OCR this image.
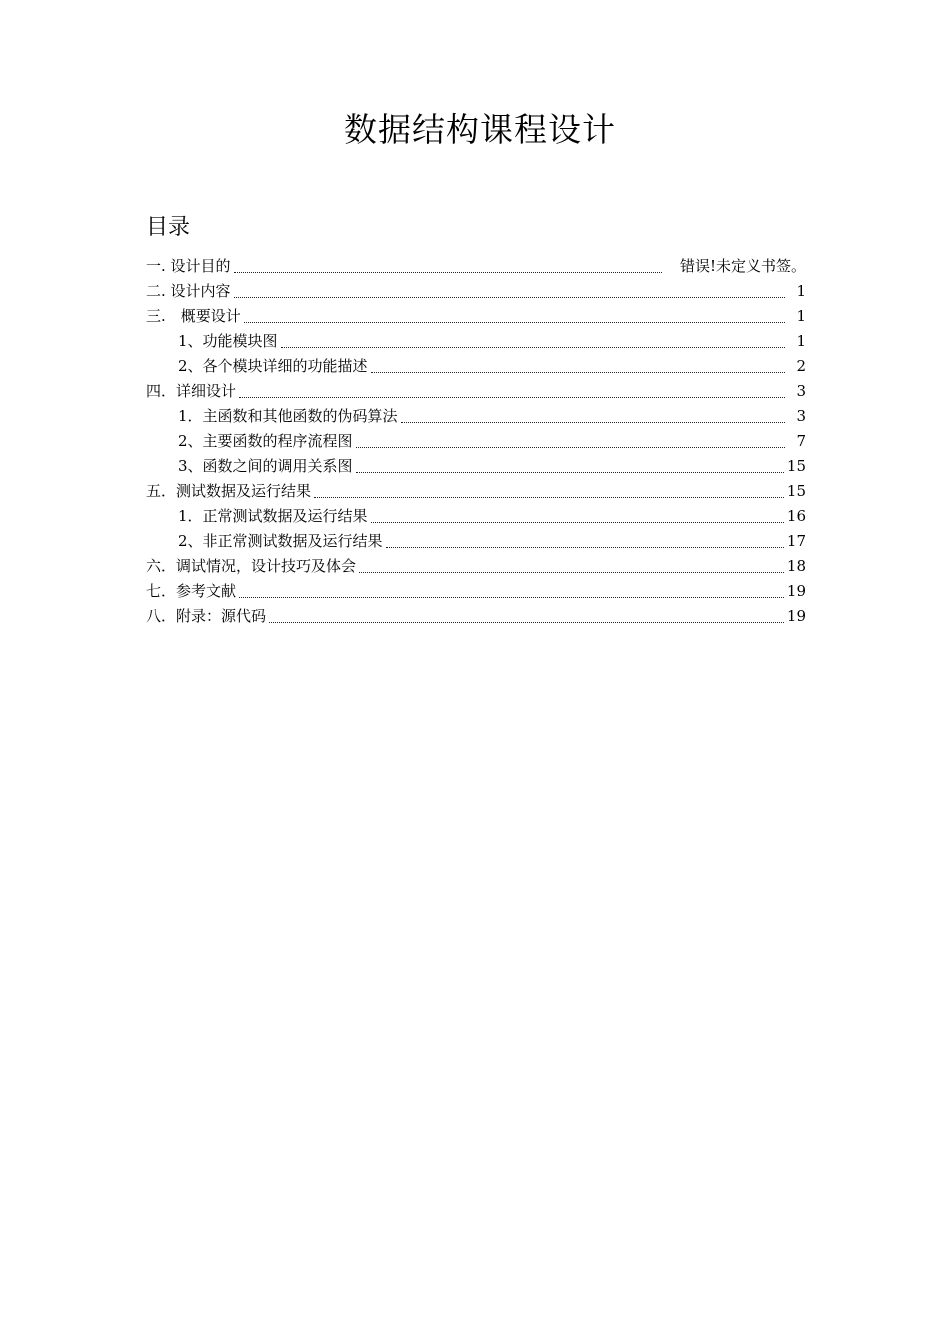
数据结构课程设计
目录
一. 设计目的	错误!未定义书签。
二. 设计内容	1
三.　概要设计	1
1、功能模块图	1
2、各个模块详细的功能描述	2
四．详细设计	3
1．主函数和其他函数的伪码算法	3
2、主要函数的程序流程图	7
3、函数之间的调用关系图	15
五．测试数据及运行结果	15
1．正常测试数据及运行结果	16
2、非正常测试数据及运行结果	17
六．调试情况，设计技巧及体会	18
七．参考文献	19
八．附录：源代码	19
